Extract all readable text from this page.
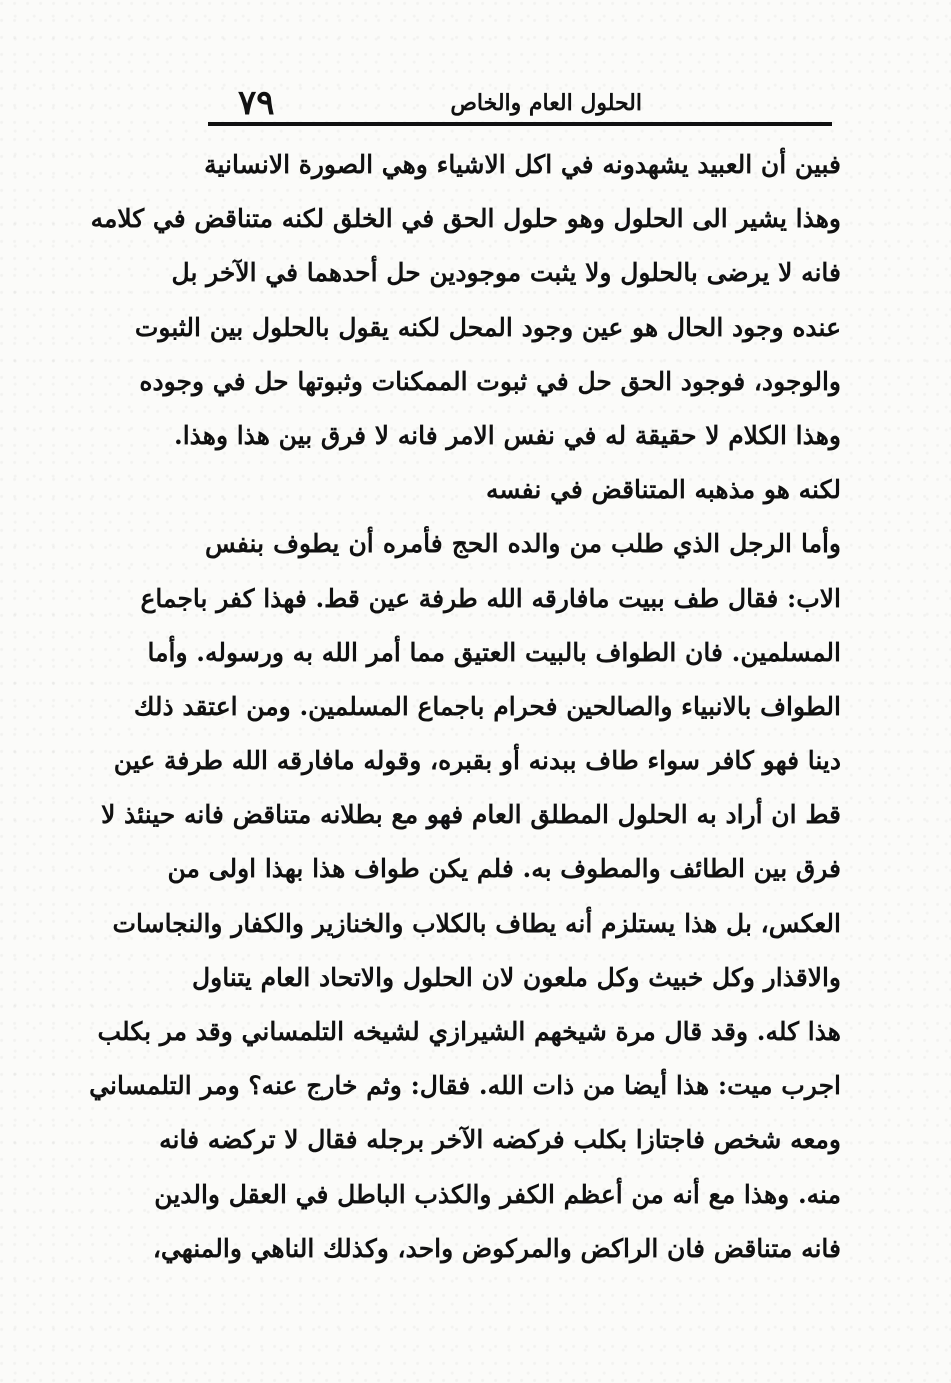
٧٩	الحلول العام والخاص
فبين أن العبيد يشهدونه في اكل الاشياء وهي الصورة الانسانية
وهذا يشير الى الحلول وهو حلول الحق في الخلق لكنه متناقض في كلامه
فانه لا يرضى بالحلول ولا يثبت موجودين حل أحدهما في الآخر بل
عنده وجود الحال هو عين وجود المحل لكنه يقول بالحلول بين الثبوت
والوجود، فوجود الحق حل في ثبوت الممكنات وثبوتها حل في وجوده
وهذا الكلام لا حقيقة له في نفس الامر فانه لا فرق بين هذا وهذا.
لكنه هو مذهبه المتناقض في نفسه
وأما الرجل الذي طلب من والده الحج فأمره أن يطوف بنفس
الاب: فقال طف ببيت مافارقه الله طرفة عين قط. فهذا كفر باجماع
المسلمين. فان الطواف بالبيت العتيق مما أمر الله به ورسوله. وأما
الطواف بالانبياء والصالحين فحرام باجماع المسلمين. ومن اعتقد ذلك
دينا فهو كافر سواء طاف ببدنه أو بقبره، وقوله مافارقه الله طرفة عين
قط ان أراد به الحلول المطلق العام فهو مع بطلانه متناقض فانه حينئذ لا
فرق بين الطائف والمطوف به. فلم يكن طواف هذا بهذا اولى من
العكس، بل هذا يستلزم أنه يطاف بالكلاب والخنازير والكفار والنجاسات
والاقذار وكل خبيث وكل ملعون لان الحلول والاتحاد العام يتناول
هذا كله. وقد قال مرة شيخهم الشيرازي لشيخه التلمساني وقد مر بكلب
اجرب ميت: هذا أيضا من ذات الله. فقال: وثم خارج عنه؟ ومر التلمساني
ومعه شخص فاجتازا بكلب فركضه الآخر برجله فقال لا تركضه فانه
منه. وهذا مع أنه من أعظم الكفر والكذب الباطل في العقل والدين
فانه متناقض فان الراكض والمركوض واحد، وكذلك الناهي والمنهي،
